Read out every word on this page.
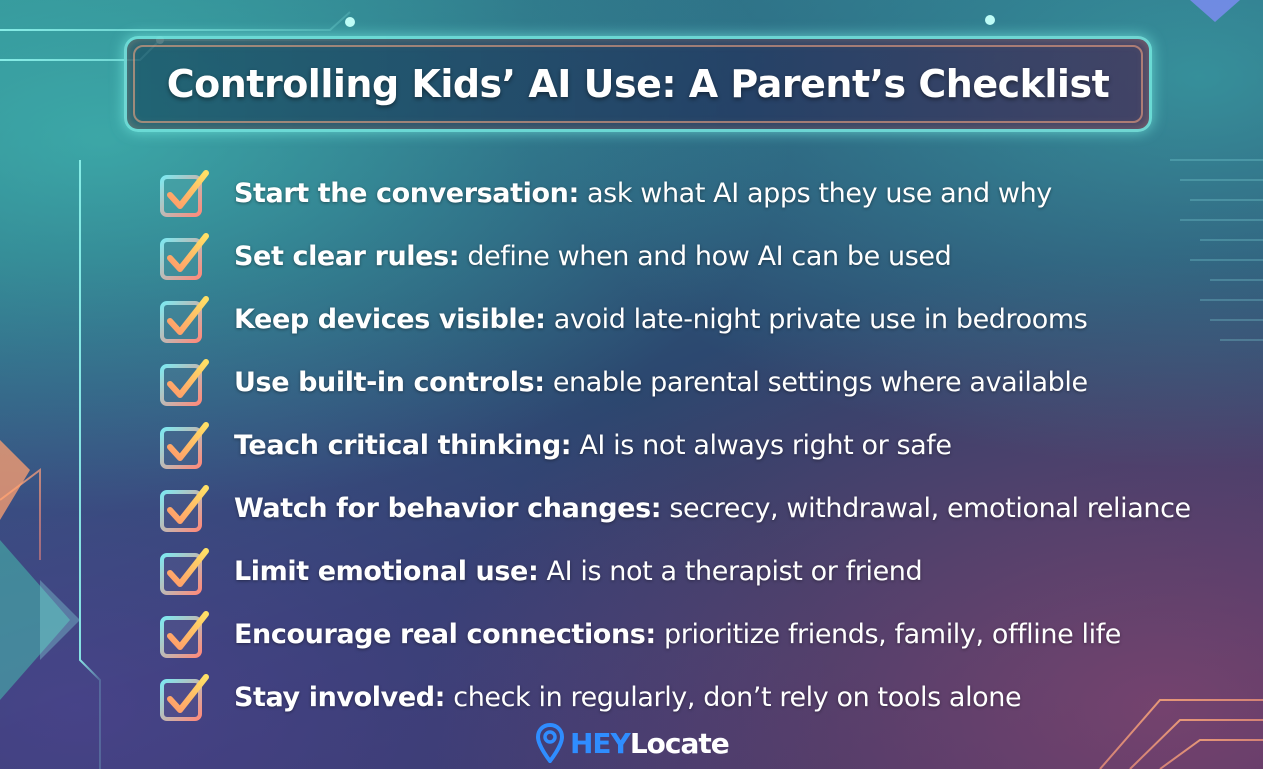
Controlling Kids’ AI Use: A Parent’s Checklist
Start the conversation: ask what AI apps they use and why
Set clear rules: define when and how AI can be used
Keep devices visible: avoid late-night private use in bedrooms
Use built-in controls: enable parental settings where available
Teach critical thinking: AI is not always right or safe
Watch for behavior changes: secrecy, withdrawal, emotional reliance
Limit emotional use: AI is not a therapist or friend
Encourage real connections: prioritize friends, family, offline life
Stay involved: check in regularly, don’t rely on tools alone
HEYLocate
